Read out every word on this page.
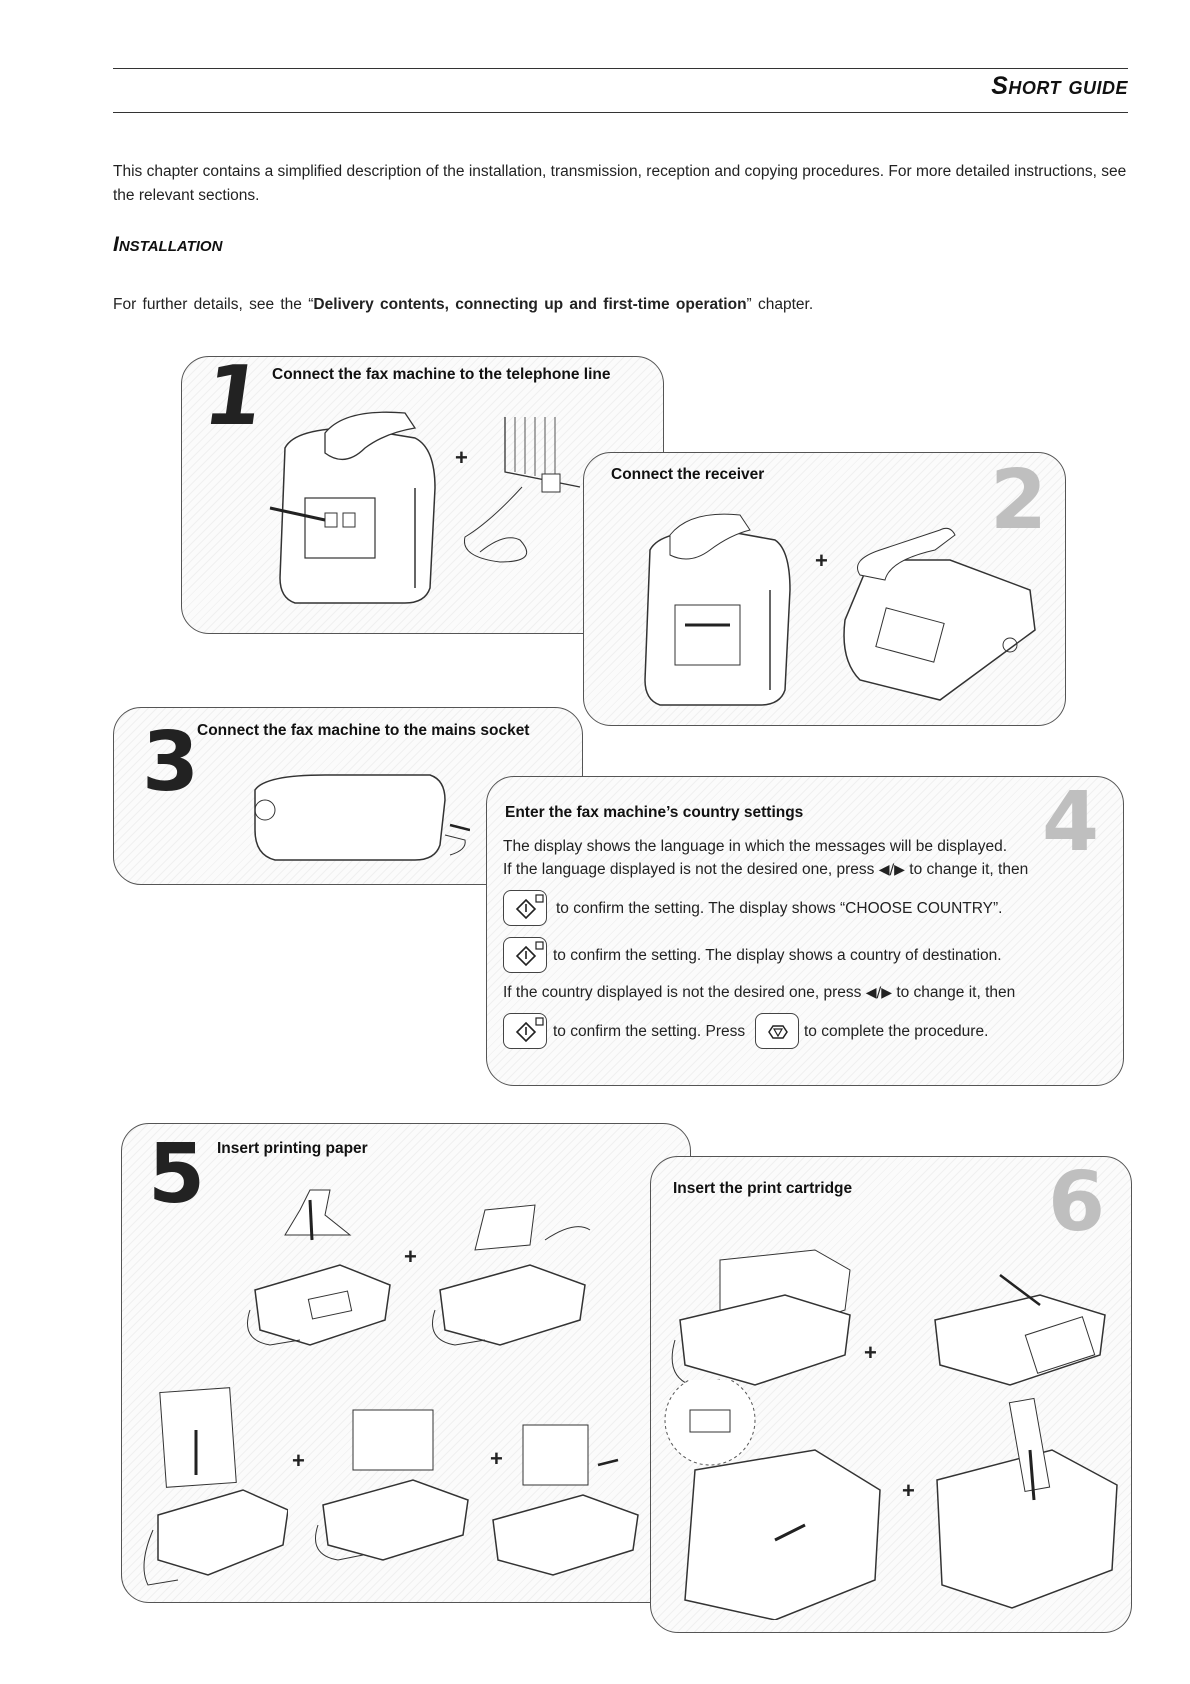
Short guide

This chapter contains a simplified description of the installation, transmission, reception and copying procedures. For more detailed instructions, see the relevant sections.

Installation

For further details, see the “Delivery contents, connecting up and first-time operation” chapter.

1 Connect the fax machine to the telephone line

+	2

Connect the receiver

+

3

Connect the fax machine to the mains socket

4

Enter the fax machine’s country settings

The display shows the language in which the messages will be displayed.

If the language displayed is not the desired one, press ◀/▶ to change it, then

to confirm the setting. The display shows “CHOOSE COUNTRY”.

to confirm the setting. The display shows a country of destination.

If the country displayed is not the desired one, press ◀/▶ to change it, then

to confirm the setting. Press	to complete the procedure.

5 Insert printing paper

+

+	+

6

Insert the print cartridge

+

+
